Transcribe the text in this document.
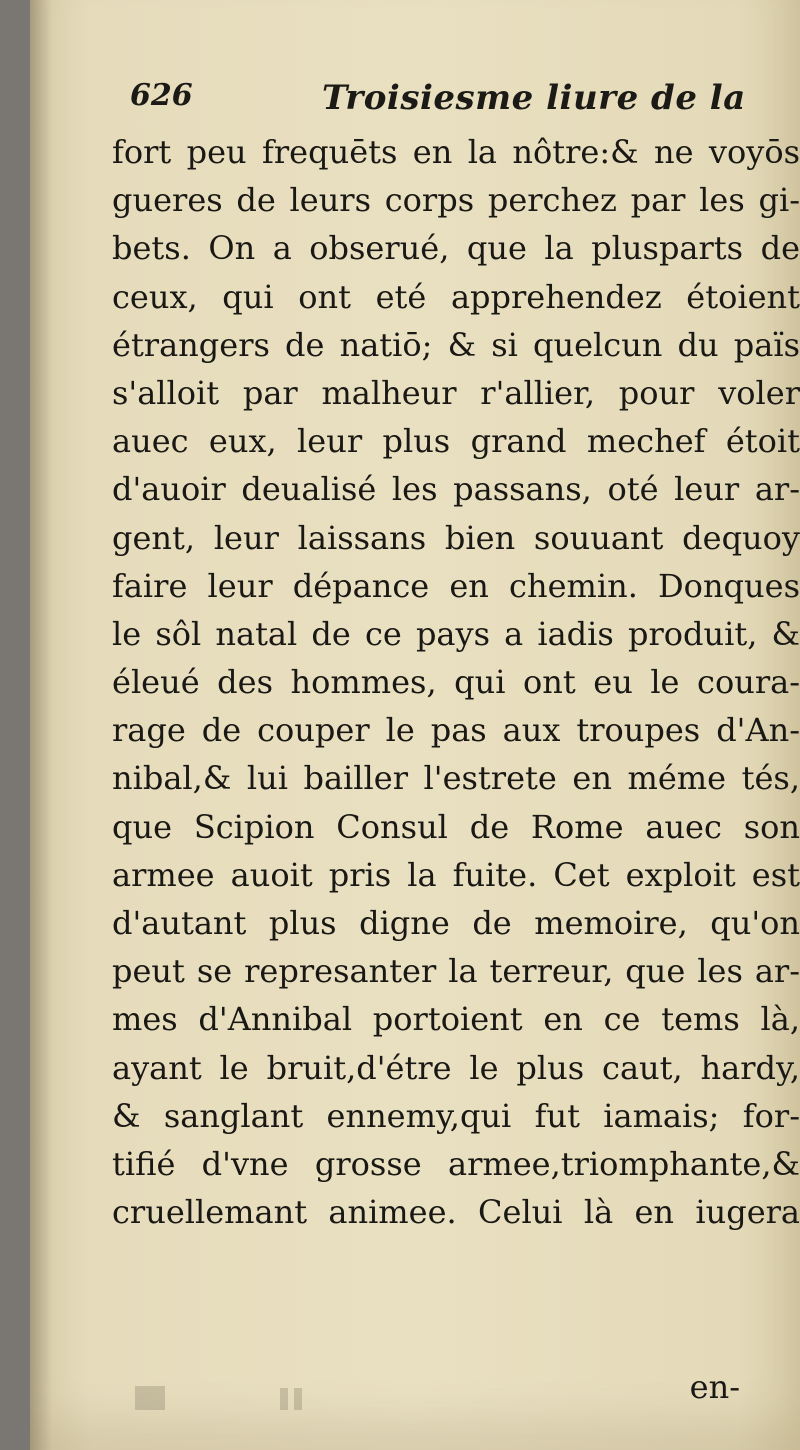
626	Troisiesme liure de la
fort peu frequēts en la nôtre:& ne voyōs
gueres de leurs corps perchez par les gi-
bets. On a obserué, que la plusparts de
ceux, qui ont eté apprehendez étoient
étrangers de natiō; & si quelcun du païs
s'alloit par malheur r'allier, pour voler
auec eux, leur plus grand mechef étoit
d'auoir deualisé les passans, oté leur ar-
gent, leur laissans bien souuant dequoy
faire leur dépance en chemin. Donques
le sôl natal de ce pays a iadis produit, &
éleué des hommes, qui ont eu le coura-
rage de couper le pas aux troupes d'An-
nibal,& lui bailler l'estrete en méme tés,
que Scipion Consul de Rome auec son
armee auoit pris la fuite. Cet exploit est
d'autant plus digne de memoire, qu'on
peut se represanter la terreur, que les ar-
mes d'Annibal portoient en ce tems là,
ayant le bruit,d'étre le plus caut, hardy,
& sanglant ennemy,qui fut iamais; for-
tifié d'vne grosse armee,triomphante,&
cruellemant animee. Celui là en iugera
en-
